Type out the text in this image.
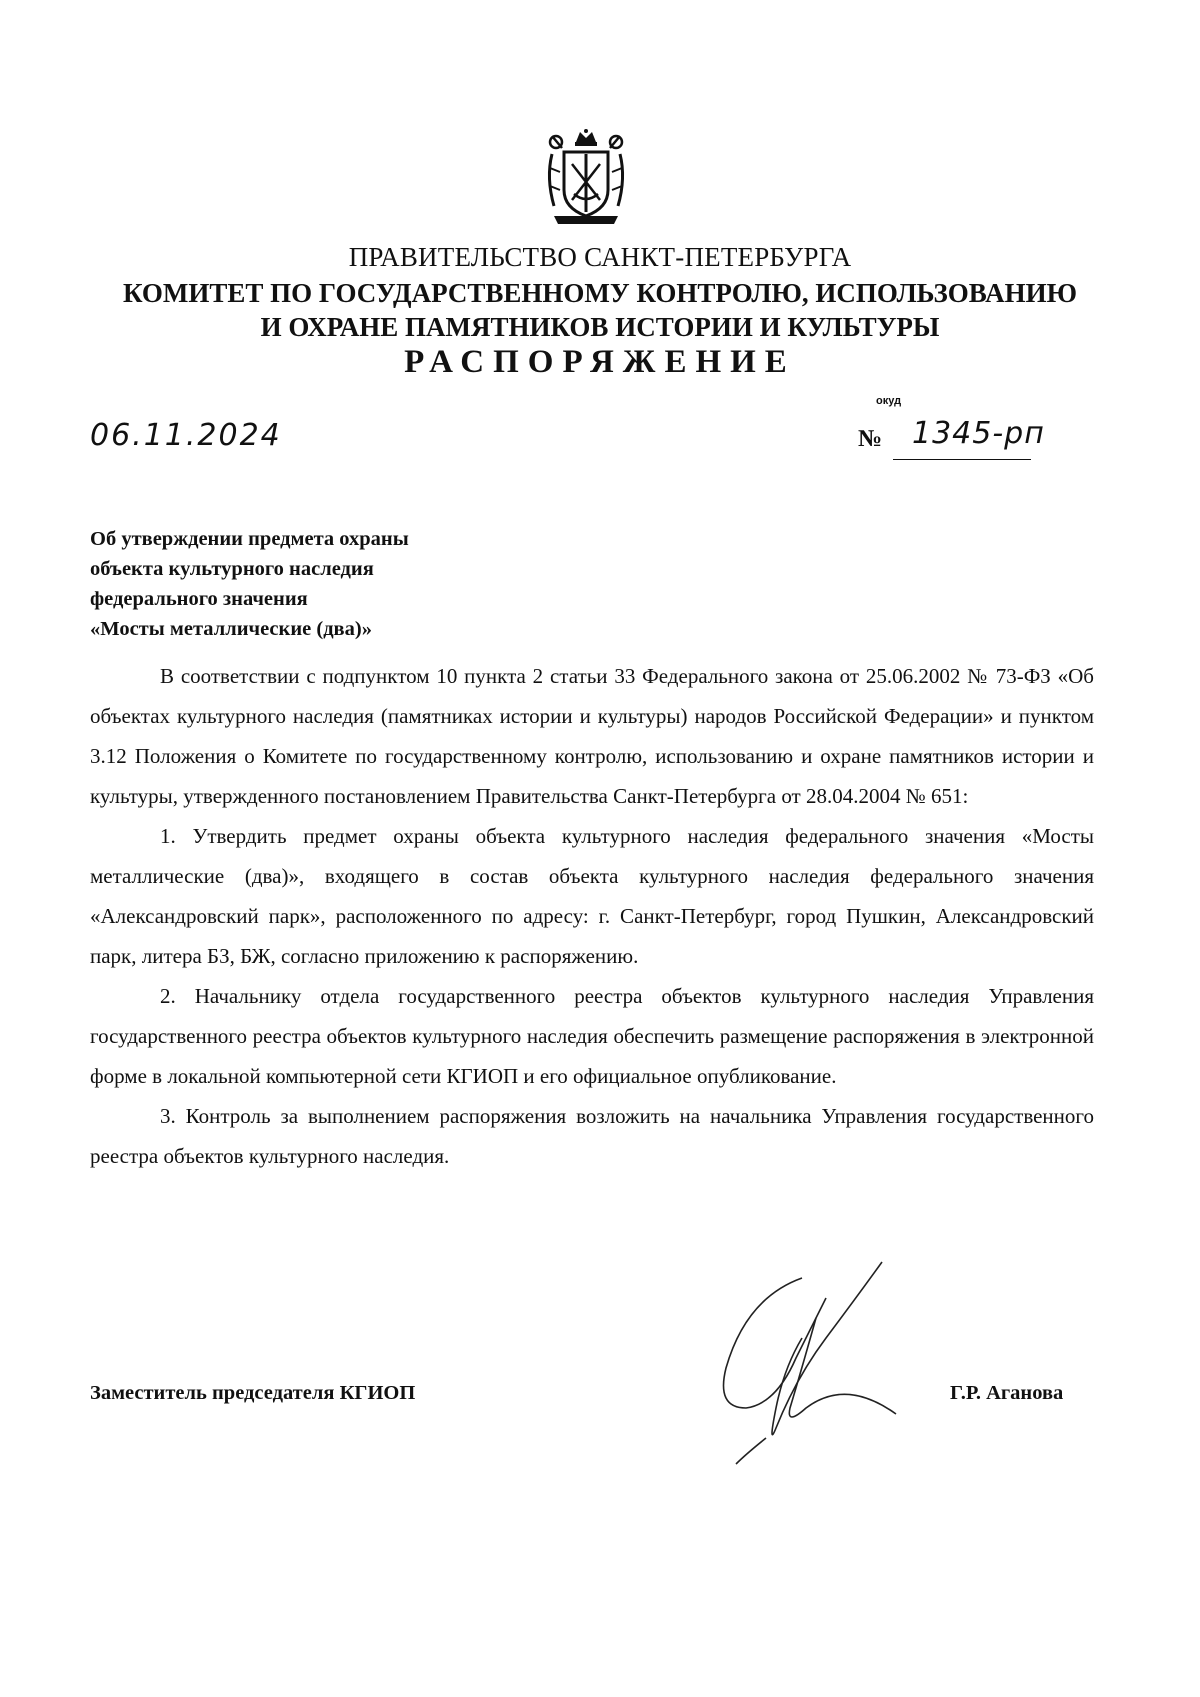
ПРАВИТЕЛЬСТВО САНКТ-ПЕТЕРБУРГА
КОМИТЕТ ПО ГОСУДАРСТВЕННОМУ КОНТРОЛЮ, ИСПОЛЬЗОВАНИЮ
И ОХРАНЕ ПАМЯТНИКОВ ИСТОРИИ И КУЛЬТУРЫ
РАСПОРЯЖЕНИЕ
06.11.2024
окуд
№ 1345-рп
Об утверждении предмета охраны
объекта культурного наследия
федерального значения
«Мосты металлические (два)»

В соответствии с подпунктом 10 пункта 2 статьи 33 Федерального закона от 25.06.2002 № 73-ФЗ «Об объектах культурного наследия (памятниках истории и культуры) народов Российской Федерации» и пунктом 3.12 Положения о Комитете по государственному контролю, использованию и охране памятников истории и культуры, утвержденного постановлением Правительства Санкт-Петербурга от 28.04.2004 № 651:

1. Утвердить предмет охраны объекта культурного наследия федерального значения «Мосты металлические (два)», входящего в состав объекта культурного наследия федерального значения «Александровский парк», расположенного по адресу: г. Санкт-Петербург, город Пушкин, Александровский парк, литера БЗ, БЖ, согласно приложению к распоряжению.

2. Начальнику отдела государственного реестра объектов культурного наследия Управления государственного реестра объектов культурного наследия обеспечить размещение распоряжения в электронной форме в локальной компьютерной сети КГИОП и его официальное опубликование.

3. Контроль за выполнением распоряжения возложить на начальника Управления государственного реестра объектов культурного наследия.

Заместитель председателя КГИОП	Г.Р. Аганова
